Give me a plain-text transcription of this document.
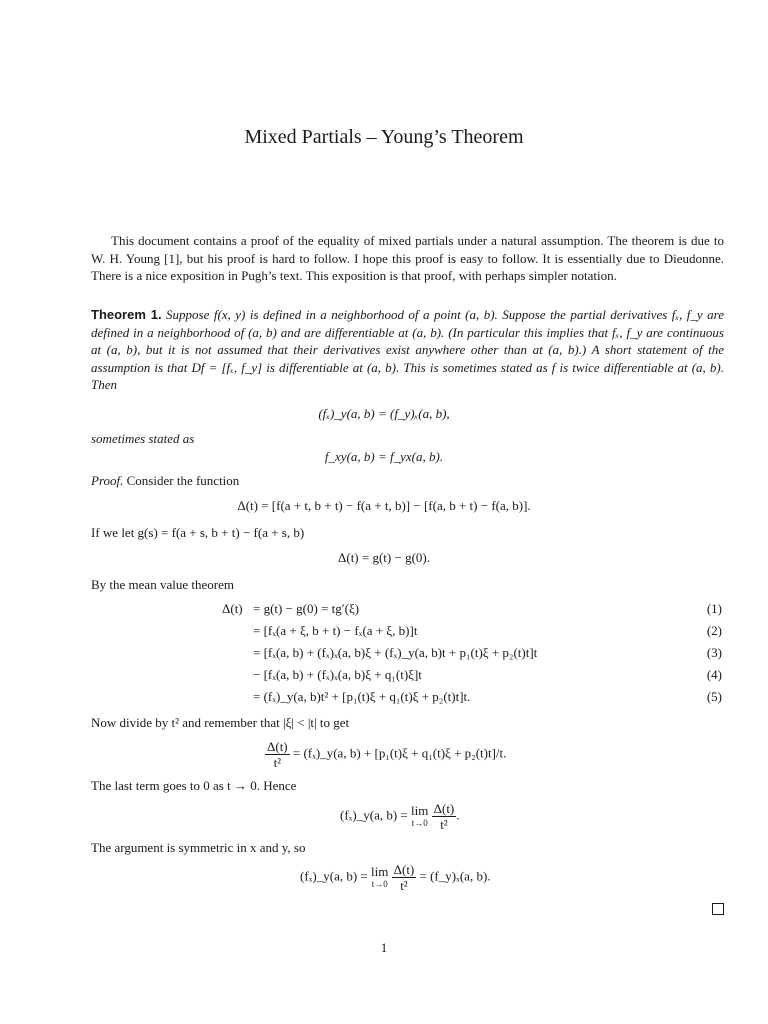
Mixed Partials – Young’s Theorem
This document contains a proof of the equality of mixed partials under a natural assumption. The theorem is due to W. H. Young [1], but his proof is hard to follow. I hope this proof is easy to follow. It is essentially due to Dieudonne. There is a nice exposition in Pugh’s text. This exposition is that proof, with perhaps simpler notation.
Theorem 1. Suppose f(x, y) is defined in a neighborhood of a point (a, b). Suppose the partial derivatives fₓ, f_y are defined in a neighborhood of (a, b) and are differentiable at (a, b). (In particular this implies that fₓ, f_y are continuous at (a, b), but it is not assumed that their derivatives exist anywhere other than at (a, b).) A short statement of the assumption is that Df = [fₓ, f_y] is differentiable at (a, b). This is sometimes stated as f is twice differentiable at (a, b). Then
(fₓ)_y(a, b) = (f_y)ₓ(a, b),
sometimes stated as
f_xy(a, b) = f_yx(a, b).
Proof. Consider the function
Δ(t) = [f(a + t, b + t) − f(a + t, b)] − [f(a, b + t) − f(a, b)].
If we let g(s) = f(a + s, b + t) − f(a + s, b)
Δ(t) = g(t) − g(0).
By the mean value theorem
Δ(t) = g(t) − g(0) = tg′(ξ)	(1)
= [fₓ(a + ξ, b + t) − fₓ(a + ξ, b)]t	(2)
= [fₓ(a, b) + (fₓ)ₓ(a, b)ξ + (fₓ)_y(a, b)t + p₁(t)ξ + p₂(t)t]t	(3)
− [fₓ(a, b) + (fₓ)ₓ(a, b)ξ + q₁(t)ξ]t	(4)
= (fₓ)_y(a, b)t² + [p₁(t)ξ + q₁(t)ξ + p₂(t)t]t.	(5)
Now divide by t² and remember that |ξ| < |t| to get
$\frac{\Delta(t)}{\text{t²}}$ = (fₓ)_y(a, b) + [p₁(t)ξ + q₁(t)ξ + p₂(t)t]/t.
The last term goes to 0 as t → 0. Hence
(fₓ)_y(a, b) = lim
t→0
$\frac{\Delta(t)}{\text{t²}}$ .
The argument is symmetric in x and y, so
(fₓ)_y(a, b) = lim
t→0
$\frac{\Delta(t)}{\text{t²}}$ = (f_y)ₓ(a, b).
1
